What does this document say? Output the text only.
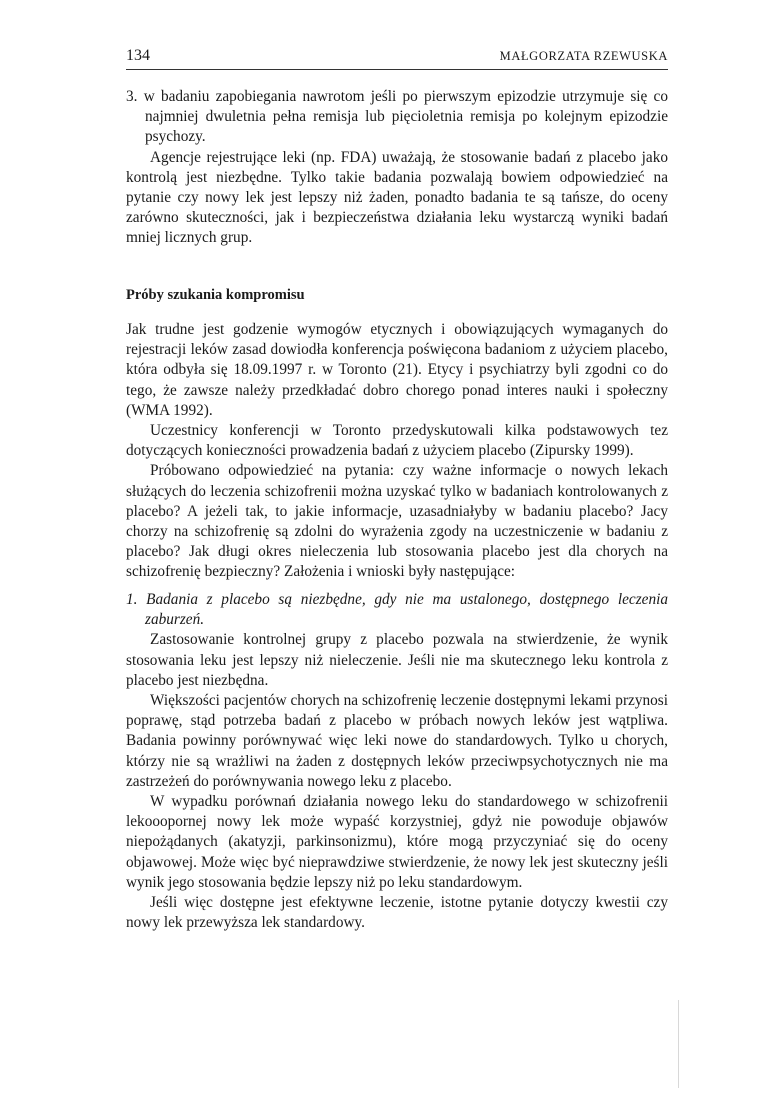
134	MAŁGORZATA RZEWUSKA

3. w badaniu zapobiegania nawrotom jeśli po pierwszym epizodzie utrzymuje się co najmniej dwuletnia pełna remisja lub pięcioletnia remisja po kolejnym epizodzie psychozy.

Agencje rejestrujące leki (np. FDA) uważają, że stosowanie badań z placebo jako kontrolą jest niezbędne. Tylko takie badania pozwalają bowiem odpowiedzieć na pytanie czy nowy lek jest lepszy niż żaden, ponadto badania te są tańsze, do oceny zarówno skuteczności, jak i bezpieczeństwa działania leku wystarczą wyniki badań mniej licznych grup.

Próby szukania kompromisu

Jak trudne jest godzenie wymogów etycznych i obowiązujących wymaganych do rejestracji leków zasad dowiodła konferencja poświęcona badaniom z użyciem placebo, która odbyła się 18.09.1997 r. w Toronto (21). Etycy i psychiatrzy byli zgodni co do tego, że zawsze należy przedkładać dobro chorego ponad interes nauki i społeczny (WMA 1992).

Uczestnicy konferencji w Toronto przedyskutowali kilka podstawowych tez dotyczących konieczności prowadzenia badań z użyciem placebo (Zipursky 1999).

Próbowano odpowiedzieć na pytania: czy ważne informacje o nowych lekach służących do leczenia schizofrenii można uzyskać tylko w badaniach kontrolowanych z placebo? A jeżeli tak, to jakie informacje, uzasadniałyby w badaniu placebo? Jacy chorzy na schizofrenię są zdolni do wyrażenia zgody na uczestniczenie w badaniu z placebo? Jak długi okres nieleczenia lub stosowania placebo jest dla chorych na schizofrenię bezpieczny? Założenia i wnioski były następujące:

1. Badania z placebo są niezbędne, gdy nie ma ustalonego, dostępnego leczenia zaburzeń.

Zastosowanie kontrolnej grupy z placebo pozwala na stwierdzenie, że wynik stosowania leku jest lepszy niż nieleczenie. Jeśli nie ma skutecznego leku kontrola z placebo jest niezbędna.

Większości pacjentów chorych na schizofrenię leczenie dostępnymi lekami przynosi poprawę, stąd potrzeba badań z placebo w próbach nowych leków jest wątpliwa. Badania powinny porównywać więc leki nowe do standardowych. Tylko u chorych, którzy nie są wrażliwi na żaden z dostępnych leków przeciwpsychotycznych nie ma zastrzeżeń do porównywania nowego leku z placebo.

W wypadku porównań działania nowego leku do standardowego w schizofrenii lekooopornej nowy lek może wypaść korzystniej, gdyż nie powoduje objawów niepożądanych (akatyzji, parkinsonizmu), które mogą przyczyniać się do oceny objawowej. Może więc być nieprawdziwe stwierdzenie, że nowy lek jest skuteczny jeśli wynik jego stosowania będzie lepszy niż po leku standardowym.

Jeśli więc dostępne jest efektywne leczenie, istotne pytanie dotyczy kwestii czy nowy lek przewyższa lek standardowy.
